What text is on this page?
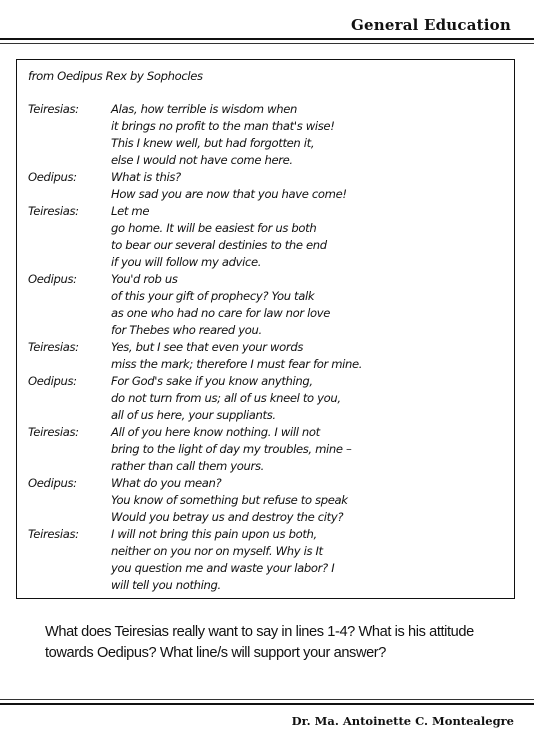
General Education
from Oedipus Rex by Sophocles
Teiresias:	Alas, how terrible is wisdom when
it brings no profit to the man that's wise!
This I knew well, but had forgotten it,
else I would not have come here.
Oedipus:	What is this?
How sad you are now that you have come!
Teiresias:	Let me
go home. It will be easiest for us both
to bear our several destinies to the end
if you will follow my advice.
Oedipus:	You'd rob us
of this your gift of prophecy? You talk
as one who had no care for law nor love
for Thebes who reared you.
Teiresias:	Yes, but I see that even your words
miss the mark; therefore I must fear for mine.
Oedipus:	For God's sake if you know anything,
do not turn from us; all of us kneel to you,
all of us here, your suppliants.
Teiresias:	All of you here know nothing. I will not
bring to the light of day my troubles, mine –
rather than call them yours.
Oedipus:	What do you mean?
You know of something but refuse to speak
Would you betray us and destroy the city?
Teiresias:	I will not bring this pain upon us both,
neither on you nor on myself. Why is It
you question me and waste your labor? I
will tell you nothing.
What does Teiresias really want to say in lines 1-4? What is his attitude towards Oedipus? What line/s will support your answer?
Dr. Ma. Antoinette C. Montealegre
